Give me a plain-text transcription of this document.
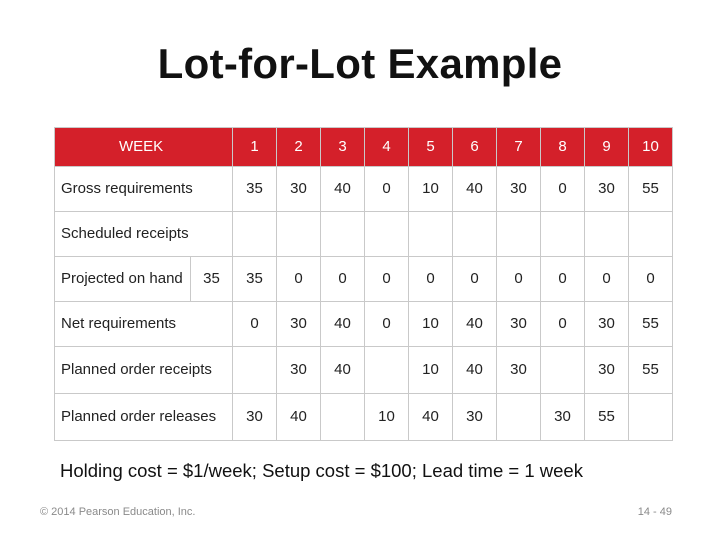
Lot-for-Lot Example
WEEK		1	2	3	4	5	6	7	8	9	10
Gross requirements		35	30	40	0	10	40	30	0	30	55
Scheduled receipts											
Projected on hand	35	35	0	0	0	0	0	0	0	0	0
Net requirements		0	30	40	0	10	40	30	0	30	55
Planned order receipts			30	40		10	40	30		30	55
Planned order releases		30	40		10	40	30		30	55	
Holding cost = $1/week; Setup cost = $100; Lead time = 1 week
© 2014 Pearson Education, Inc.	14 - 49
